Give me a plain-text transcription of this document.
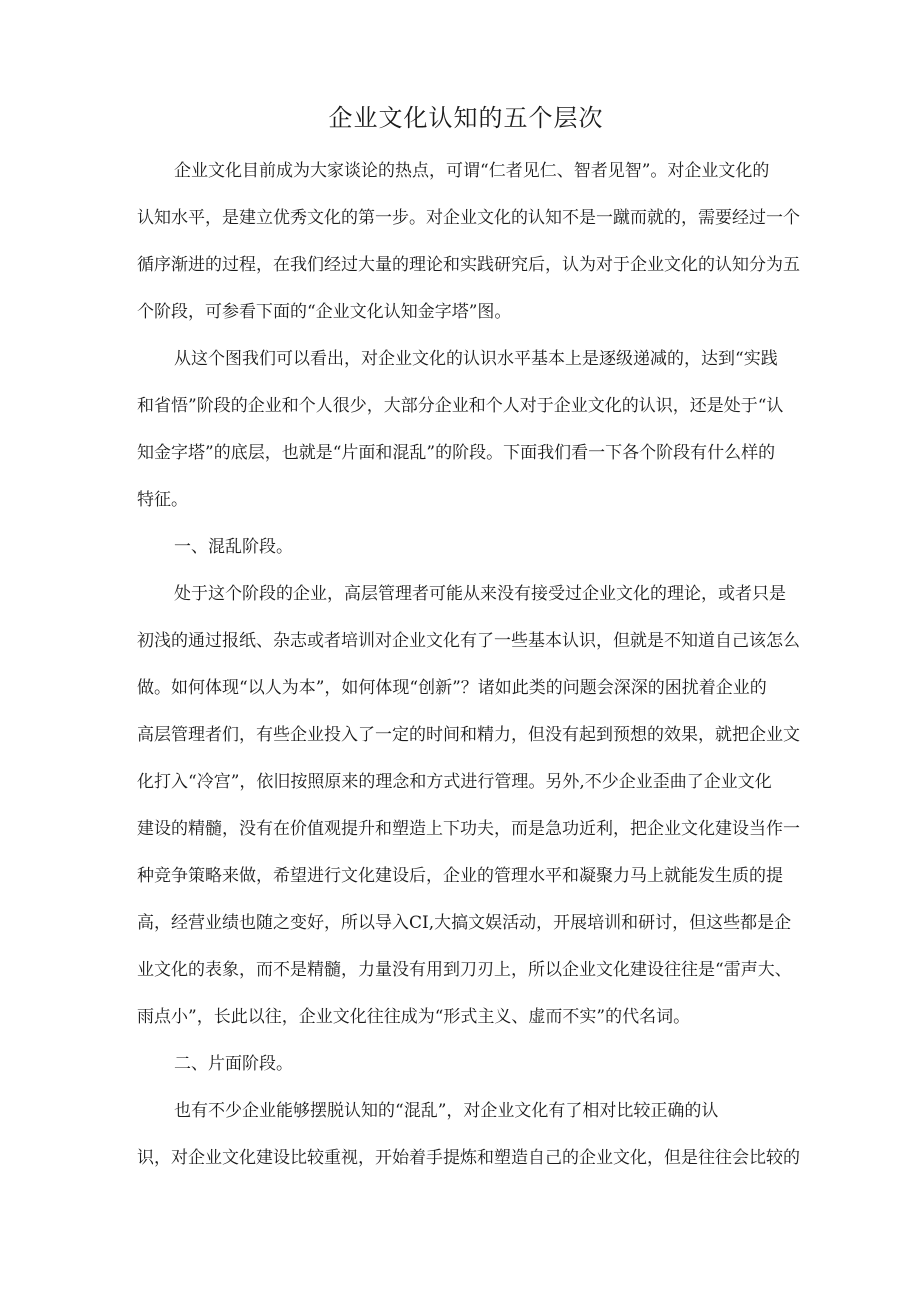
企业文化认知的五个层次
企业文化目前成为大家谈论的热点，可谓“仁者见仁、智者见智”。对企业文化的
认知水平，是建立优秀文化的第一步。对企业文化的认知不是一蹴而就的，需要经过一个
循序渐进的过程，在我们经过大量的理论和实践研究后，认为对于企业文化的认知分为五
个阶段，可参看下面的“企业文化认知金字塔”图。
从这个图我们可以看出，对企业文化的认识水平基本上是逐级递减的，达到“实践
和省悟”阶段的企业和个人很少，大部分企业和个人对于企业文化的认识，还是处于“认
知金字塔”的底层，也就是“片面和混乱”的阶段。下面我们看一下各个阶段有什么样的
特征。
一、混乱阶段。
处于这个阶段的企业，高层管理者可能从来没有接受过企业文化的理论，或者只是
初浅的通过报纸、杂志或者培训对企业文化有了一些基本认识，但就是不知道自己该怎么
做。如何体现“以人为本”，如何体现“创新”？诸如此类的问题会深深的困扰着企业的
高层管理者们，有些企业投入了一定的时间和精力，但没有起到预想的效果，就把企业文
化打入“冷宫”，依旧按照原来的理念和方式进行管理。另外,不少企业歪曲了企业文化
建设的精髓，没有在价值观提升和塑造上下功夫，而是急功近利，把企业文化建设当作一
种竞争策略来做，希望进行文化建设后，企业的管理水平和凝聚力马上就能发生质的提
高，经营业绩也随之变好，所以导入CI,大搞文娱活动，开展培训和研讨，但这些都是企
业文化的表象，而不是精髓，力量没有用到刀刃上，所以企业文化建设往往是“雷声大、
雨点小”，长此以往，企业文化往往成为“形式主义、虚而不实”的代名词。
二、片面阶段。
也有不少企业能够摆脱认知的“混乱”，对企业文化有了相对比较正确的认
识，对企业文化建设比较重视，开始着手提炼和塑造自己的企业文化，但是往往会比较的
